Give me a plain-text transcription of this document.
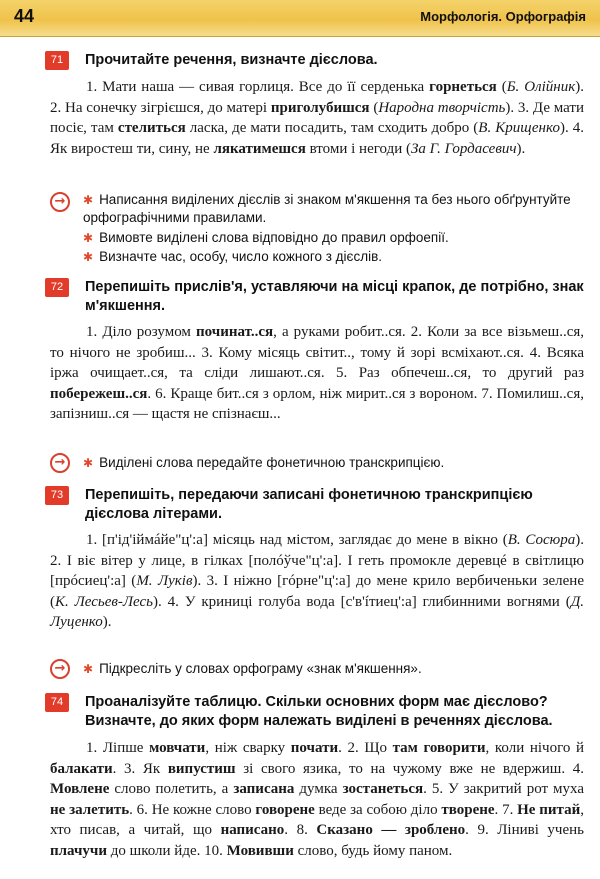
44	Морфологія. Орфографія
71	Прочитайте речення, визначте дієслова.
1. Мати наша — сивая горлиця. Все до її серденька горнеться (Б. Олійник). 2. На сонечку зігрієшся, до матері приголубишся (Народна творчість). 3. Де мати посіє, там стелиться ласка, де мати посадить, там сходить добро (В. Крищенко). 4. Як виростеш ти, сину, не лякатимешся втоми і негоди (За Г. Гордасевич).
→	✱ Написання виділених дієслів зі знаком м'якшення та без нього обґрунтуйте орфографічними правилами.
✱ Вимовте виділені слова відповідно до правил орфоепії.
✱ Визначте час, особу, число кожного з дієслів.
72	Перепишіть прислів'я, уставляючи на місці крапок, де потрібно, знак м'якшення.
1. Діло розумом починат..ся, а руками робит..ся. 2. Коли за все візьмеш..ся, то нічого не зробиш... 3. Кому місяць світит.., тому й зорі всміхают..ся. 4. Всяка іржа очищает..ся, та сліди лишают..ся. 5. Раз обпечеш..ся, то другий раз побережеш..ся. 6. Краще бит..ся з орлом, ніж мирит..ся з вороном. 7. Помилиш..ся, запізниш..ся — щастя не спізнаєш...
→	✱ Виділені слова передайте фонетичною транскрипцією.
73	Перепишіть, передаючи записані фонетичною транскрипцією дієслова літерами.
1. [п'ід'іймáйе"ц':а] місяць над містом, заглядає до мене в вікно (В. Сосюра). 2. І віє вітер у лице, в гілках [полóўче"ц':а]. І геть промокле деревцé в світлицю [прóсиец':а] (М. Луків). 3. І ніжно [гóрне"ц':а] до мене крило вербиченьки зелене (К. Лесьев-Лесь). 4. У криниці голуба вода [с'в'íтиец':а] глибинними вогнями (Д. Луценко).
→	✱ Підкресліть у словах орфограму «знак м'якшення».
74	Проаналізуйте таблицю. Скільки основних форм має дієслово? Визначте, до яких форм належать виділені в реченнях дієслова.
1. Ліпше мовчати, ніж сварку почати. 2. Що там говорити, коли нічого й балакати. 3. Як випустиш зі свого язика, то на чужому вже не вдержиш. 4. Мовлене слово полетить, а записана думка зостанеться. 5. У закритий рот муха не залетить. 6. Не кожне слово говорене веде за собою діло творене. 7. Не питай, хто писав, а читай, що написано. 8. Сказано — зроблено. 9. Ліниві учень плачучи до школи йде. 10. Мовивши слово, будь йому паном.
